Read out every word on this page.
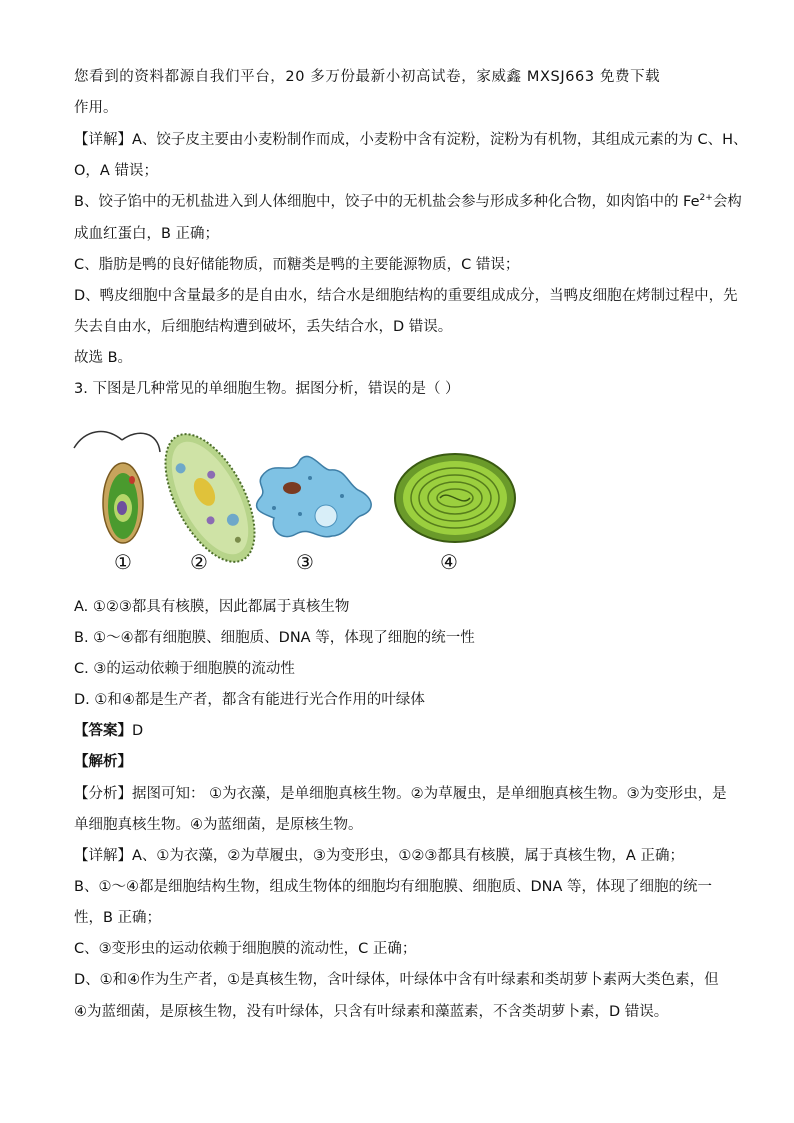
您看到的资料都源自我们平台，20 多万份最新小初高试卷，家威鑫 MXSJ663 免费下载
作用。
【详解】A、饺子皮主要由小麦粉制作而成，小麦粉中含有淀粉，淀粉为有机物，其组成元素的为 C、H、
O，A 错误；
B、饺子馅中的无机盐进入到人体细胞中，饺子中的无机盐会参与形成多种化合物，如肉馅中的 $Fe^{2+}$会构
成血红蛋白，B 正确；
C、脂肪是鸭的良好储能物质，而糖类是鸭的主要能源物质，C 错误；
D、鸭皮细胞中含量最多的是自由水，结合水是细胞结构的重要组成成分，当鸭皮细胞在烤制过程中，先
失去自由水，后细胞结构遭到破坏，丢失结合水，D 错误。
故选 B。
3. 下图是几种常见的单细胞生物。据图分析，错误的是（ ）
①	②	③	④
A. ①②③都具有核膜，因此都属于真核生物
B. ①～④都有细胞膜、细胞质、DNA 等，体现了细胞的统一性
C. ③的运动依赖于细胞膜的流动性
D. ①和④都是生产者，都含有能进行光合作用的叶绿体
【答案】D
【解析】
【分析】据图可知： ①为衣藻，是单细胞真核生物。②为草履虫，是单细胞真核生物。③为变形虫，是
单细胞真核生物。④为蓝细菌，是原核生物。
【详解】A、①为衣藻，②为草履虫，③为变形虫，①②③都具有核膜，属于真核生物，A 正确；
B、①～④都是细胞结构生物，组成生物体的细胞均有细胞膜、细胞质、DNA 等，体现了细胞的统一
性，B 正确；
C、③变形虫的运动依赖于细胞膜的流动性，C 正确；
D、①和④作为生产者，①是真核生物，含叶绿体，叶绿体中含有叶绿素和类胡萝卜素两大类色素，但
④为蓝细菌，是原核生物，没有叶绿体，只含有叶绿素和藻蓝素，不含类胡萝卜素，D 错误。
